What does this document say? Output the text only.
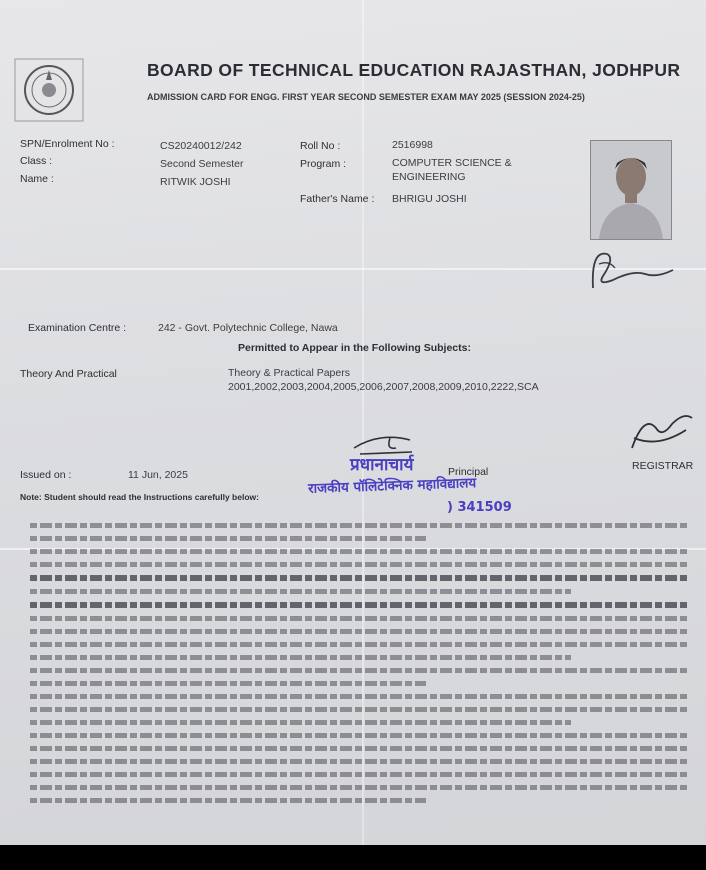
BOARD OF TECHNICAL EDUCATION RAJASTHAN, JODHPUR
ADMISSION CARD FOR ENGG. FIRST YEAR SECOND SEMESTER EXAM MAY 2025 (SESSION 2024-25)
SPN/Enrolment No :	CS20240012/242
Class :	Second Semester
Name :	RITWIK JOSHI
Roll No :	2516998
Program :	COMPUTER SCIENCE &
ENGINEERING
Father's Name : BHRIGU JOSHI
Examination Centre :	242 - Govt. Polytechnic College, Nawa
Permitted to Appear in the Following Subjects:
Theory And Practical	Theory & Practical Papers
2001,2002,2003,2004,2005,2006,2007,2008,2009,2010,2222,SCA
Issued on :	11 Jun, 2025	Principal	REGISTRAR
Note: Student should read the Instructions carefully below:
प्रधानाचार्य
राजकीय पॉलिटेक्निक महाविद्यालय
) 341509
